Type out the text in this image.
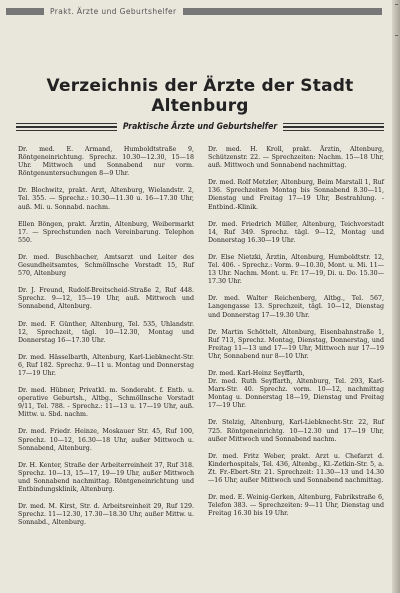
Prakt. Ärzte und Geburtshelfer
Verzeichnis der Ärzte der Stadt Altenburg
Praktische Ärzte und Geburtshelfer

Dr. med. E. Armand, Humboldtstraße 9, Röntgeneinrichtung. Sprechz. 10.30—12.30, 15—18 Uhr. Mittwoch und Sonnabend nur vorm. Röntgenuntersuchungen 8—9 Uhr.

Dr. Blochwitz, prakt. Arzt, Altenburg, Wielandstr. 2, Tel. 355. — Sprechz.: 10.30—11.30 u. 16—17.30 Uhr, auß. Mi. u. Sonnabd. nachm.

Ellen Böngen, prakt. Ärztin, Altenburg, Weibermarkt 17. — Sprechstunden nach Vereinbarung. Telephon 550.

Dr. med. Buschbacher, Amtsarzt und Leiter des Gesundheitsamtes, Schmöllnsche Vorstadt 15, Ruf 570, Altenburg

Dr. J. Freund, Rudolf-Breitscheid-Straße 2, Ruf 448. Sprechz. 9—12, 15—19 Uhr, auß. Mittwoch und Sonnabend, Altenburg.

Dr. med. F. Günther, Altenburg, Tel. 535, Uhlandstr. 12, Sprechzeit, tägl. 10—12.30, Montag und Donnerstag 16—17.30 Uhr.

Dr. med. Hässelbarth, Altenburg, Karl-Liebknecht-Str. 6, Ruf 182. Sprechz. 9—11 u. Montag und Donnerstag 17—19 Uhr.

Dr. med. Hübner, Privatkl. m. Sonderabt. f. Entb. u. operative Geburtsh., Altbg., Schmöllnsche Vorstadt 9/11, Tel. 788. - Sprechz.: 11—13 u. 17—19 Uhr, auß. Mittw. u. Sbd. nachm.

Dr. med. Friedr. Heinze, Moskauer Str. 45, Ruf 100, Sprechz. 10—12, 16.30—18 Uhr, außer Mittwoch u. Sonnabend, Altenburg.

Dr. H. Kenter, Straße der Arbeiterreinheit 37, Ruf 318. Sprechz. 10—13, 15—17, 19—19 Uhr, außer Mittwoch und Sonnabend nachmittag. Röntgeneinrichtung und Entbindungsklinik, Altenburg.

Dr. med. M. Kirst, Str. d. Arbeitsreinheit 29, Ruf 129. Sprechz. 11—12.30, 17.30—18.30 Uhr, außer Mittw. u. Sonnabd., Altenburg.

Dr. med. H. Kroll, prakt. Ärztin, Altenburg, Schützenstr. 22. — Sprechzeiten: Nachm. 15—18 Uhr, auß. Mittwoch und Sonnabend nachmittag.

Dr. med. Rolf Metzler, Altenburg, Beim Marstall 1, Ruf 136. Sprechzeiten Montag bis Sonnabend 8.30—11, Dienstag und Freitag 17—19 Uhr, Bestrahlung. - Entbind.-Klinik.

Dr. med. Friedrich Müller, Altenburg, Teichvorstadt 14, Ruf 349. Sprechz. tägl. 9—12, Montag und Donnerstag 16.30—19 Uhr.

Dr. Else Nietzki, Ärztin, Altenburg, Humboldtstr. 12, Tel. 406. - Sprechz.: Vorm. 9—10.30, Mont. u. Mi. 11—13 Uhr. Nachm. Mont. u. Fr. 17—19, Di. u. Do. 15.30—17.30 Uhr.

Dr. med. Walter Reichenberg, Altbg., Tel. 567, Langengasse 13. Sprechzeit, tägl. 10—12, Dienstag und Donnerstag 17—19.30 Uhr.

Dr. Martin Schöttelt, Altenburg, Eisenbahnstraße 1, Ruf 713, Sprechz. Montag, Dienstag, Donnerstag, und Freitag 11—13 und 17—19 Uhr, Mittwoch nur 17—19 Uhr, Sonnabend nur 8—10 Uhr.

Dr. med. Karl-Heinz Seyffarth,

Dr. med. Ruth Seyffarth, Altenburg, Tel. 293, Karl-Marx-Str. 40. Sprechz. vorm. 10—12, nachmittag Montag u. Donnerstag 18—19, Dienstag und Freitag 17—19 Uhr.

Dr. Stelzig, Altenburg, Karl-Liebknecht-Str. 22, Ruf 725. Röntgeneinrichtg. 10—12.30 und 17—19 Uhr, außer Mittwoch und Sonnabend nachm.

Dr. med. Fritz Weber, prakt. Arzt u. Chefarzt d. Kinderhospitals, Tel. 436, Altenbg., Kl.-Zetkin-Str. 5, a. Zt. Fr.-Ebert-Str. 21. Sprechzeit: 11.30—13 und 14.30—16 Uhr, außer Mittwoch und Sonnabend nachmittag.

Dr. med. E. Weinig-Gerken, Altenburg, Fabrikstraße 6, Telefon 383. — Sprechzeiten: 9—11 Uhr, Dienstag und Freitag 16.30 bis 19 Uhr.
